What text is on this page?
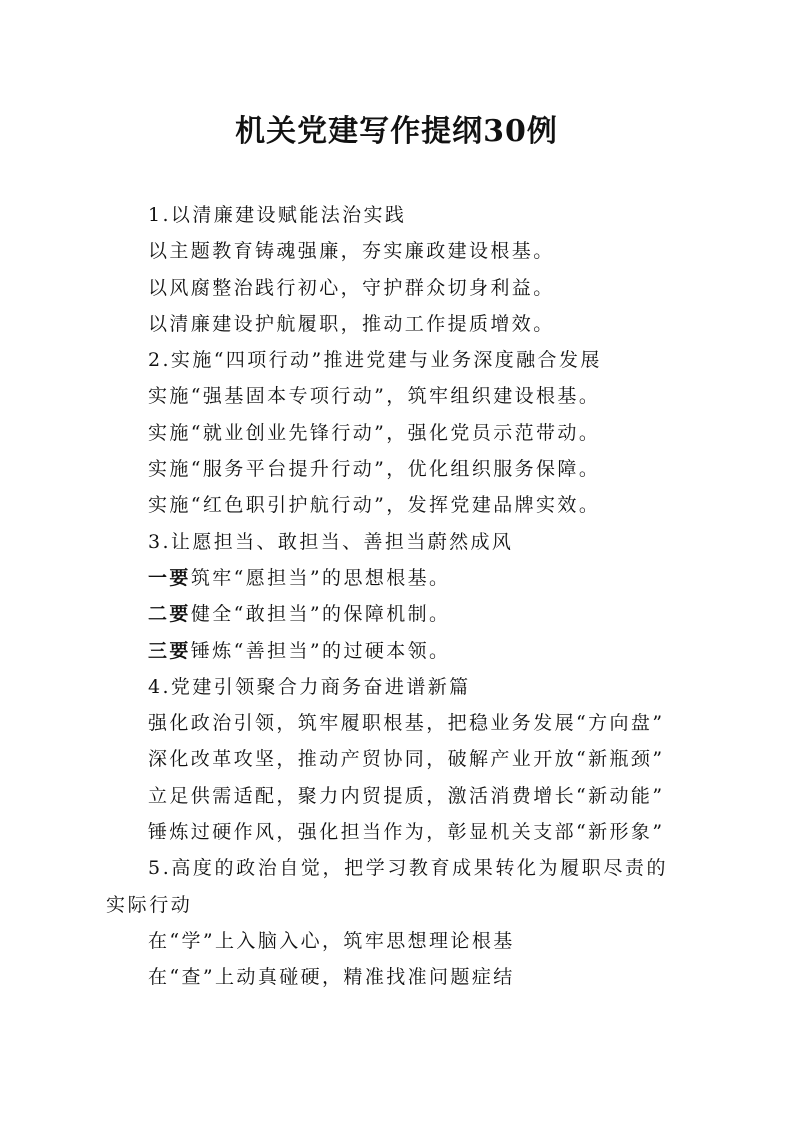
机关党建写作提纲30例
1.以清廉建设赋能法治实践
以主题教育铸魂强廉，夯实廉政建设根基。
以风腐整治践行初心，守护群众切身利益。
以清廉建设护航履职，推动工作提质增效。
2.实施“四项行动”推进党建与业务深度融合发展
实施“强基固本专项行动”，筑牢组织建设根基。
实施“就业创业先锋行动”，强化党员示范带动。
实施“服务平台提升行动”，优化组织服务保障。
实施“红色职引护航行动”，发挥党建品牌实效。
3.让愿担当、敢担当、善担当蔚然成风
一要筑牢“愿担当”的思想根基。
二要健全“敢担当”的保障机制。
三要锤炼“善担当”的过硬本领。
4.党建引领聚合力商务奋进谱新篇
强化政治引领，筑牢履职根基，把稳业务发展“方向盘”
深化改革攻坚，推动产贸协同，破解产业开放“新瓶颈”
立足供需适配，聚力内贸提质，激活消费增长“新动能”
锤炼过硬作风，强化担当作为，彰显机关支部“新形象”
5.高度的政治自觉，把学习教育成果转化为履职尽责的实际行动
在“学”上入脑入心，筑牢思想理论根基
在“查”上动真碰硬，精准找准问题症结
